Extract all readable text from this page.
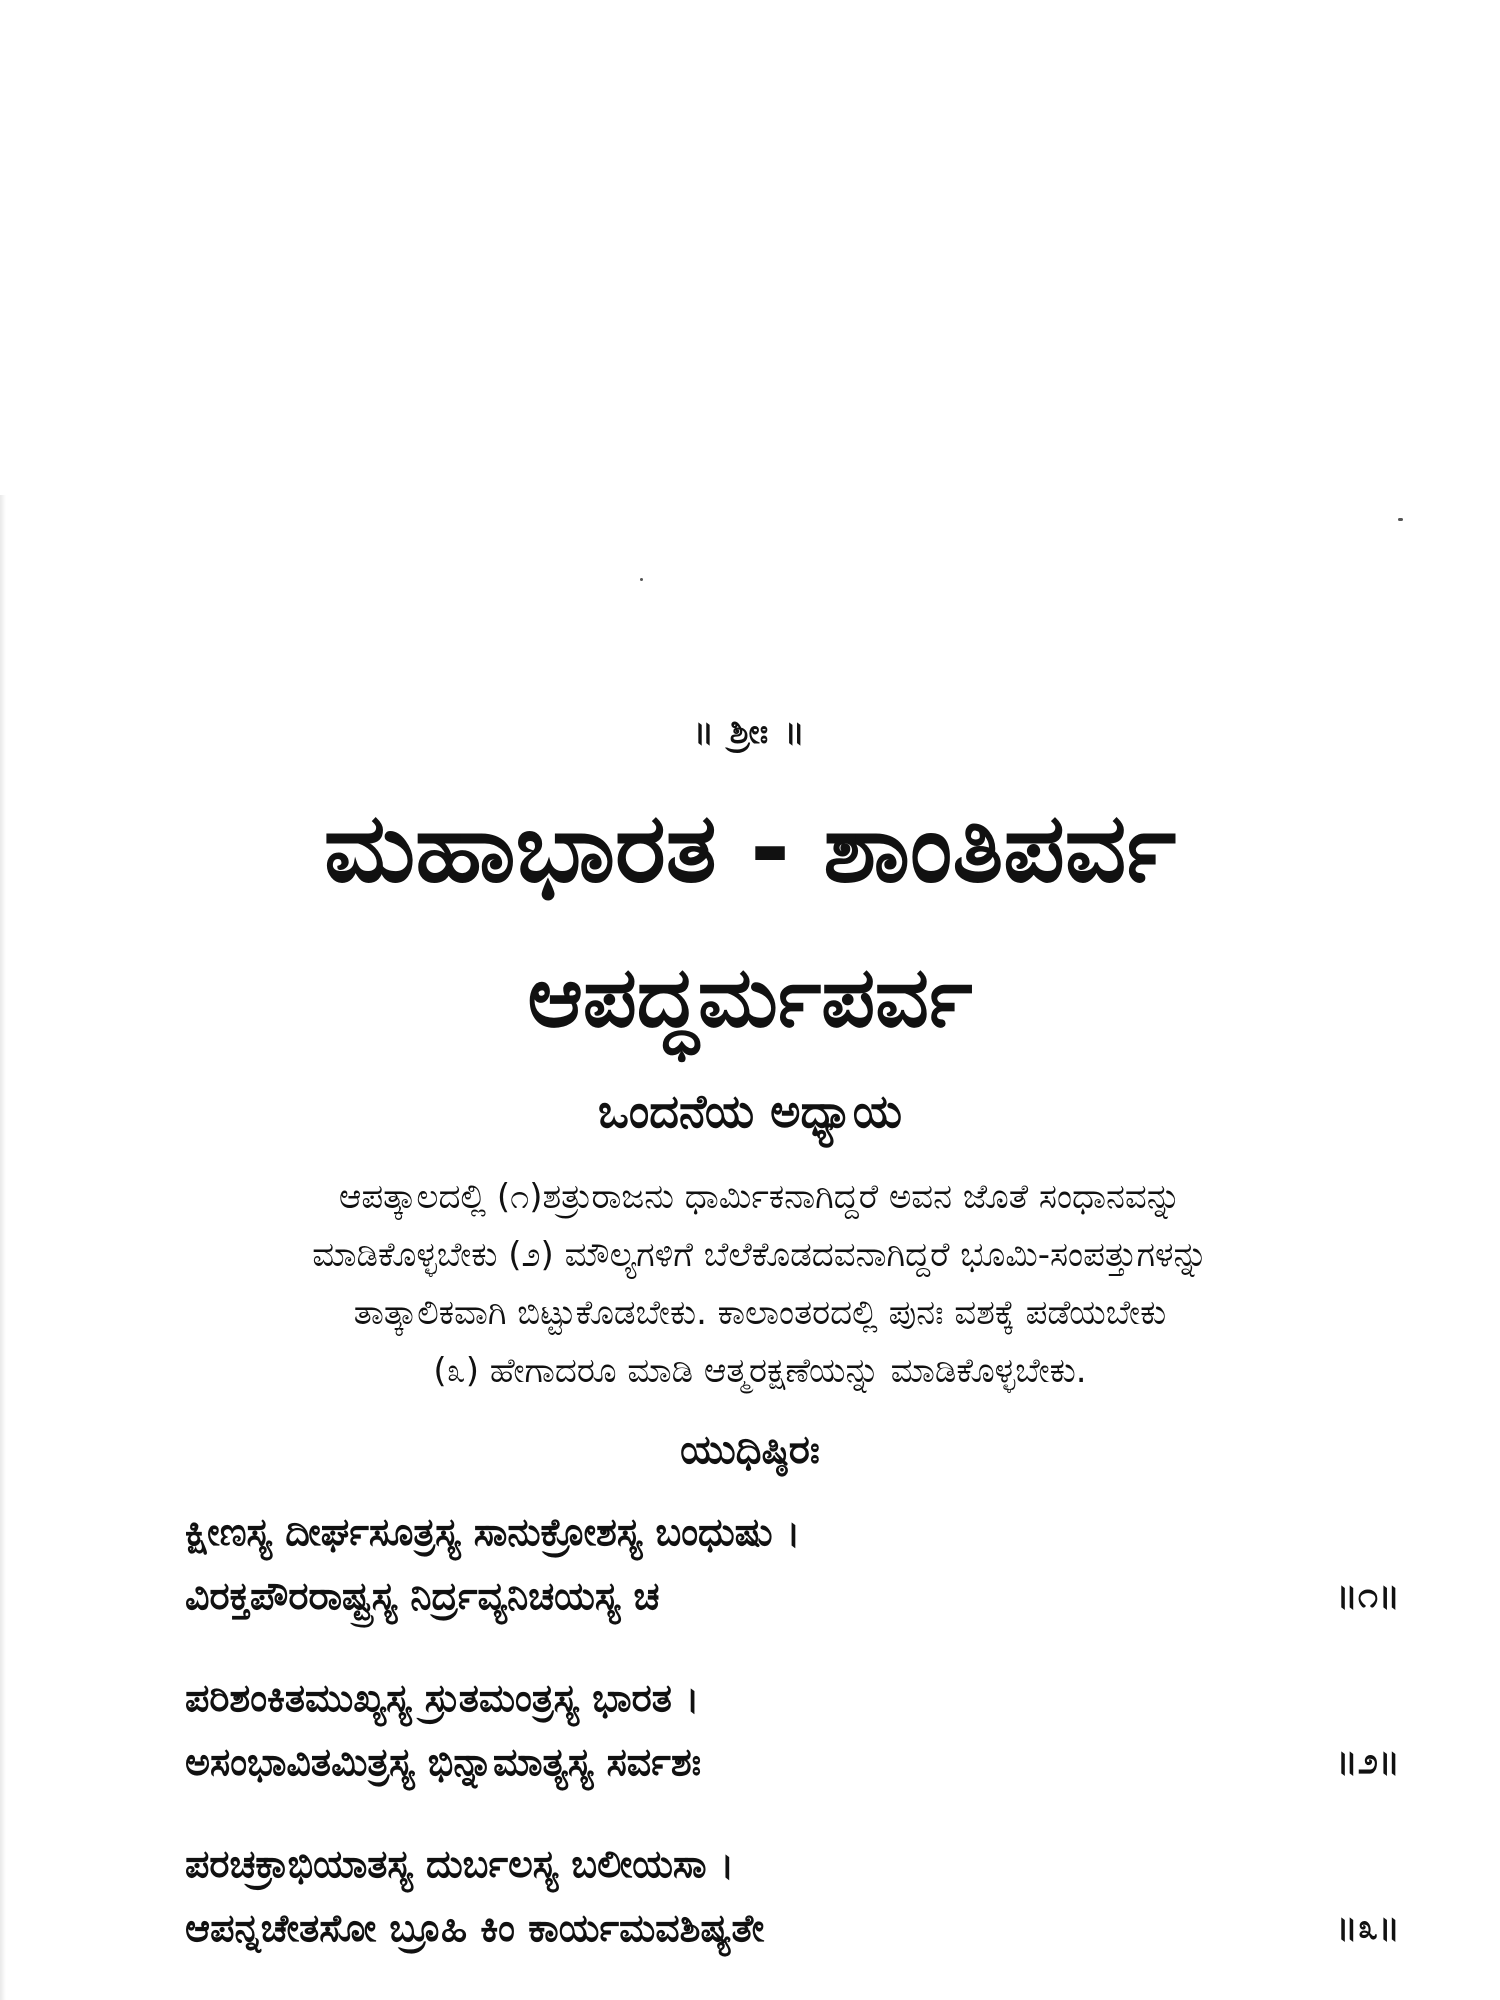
॥ ಶ್ರೀಃ ॥
ಮಹಾಭಾರತ - ಶಾಂತಿಪರ್ವ
ಆಪದ್ಧರ್ಮಪರ್ವ
ಒಂದನೆಯ ಅಧ್ಯಾಯ
ಆಪತ್ಕಾಲದಲ್ಲಿ (೧)ಶತ್ರುರಾಜನು ಧಾರ್ಮಿಕನಾಗಿದ್ದರೆ ಅವನ ಜೊತೆ ಸಂಧಾನವನ್ನು
ಮಾಡಿಕೊಳ್ಳಬೇಕು (೨) ಮೌಲ್ಯಗಳಿಗೆ ಬೆಲೆಕೊಡದವನಾಗಿದ್ದರೆ ಭೂಮಿ-ಸಂಪತ್ತುಗಳನ್ನು
ತಾತ್ಕಾಲಿಕವಾಗಿ ಬಿಟ್ಟುಕೊಡಬೇಕು. ಕಾಲಾಂತರದಲ್ಲಿ ಪುನಃ ವಶಕ್ಕೆ ಪಡೆಯಬೇಕು
(೩) ಹೇಗಾದರೂ ಮಾಡಿ ಆತ್ಮರಕ್ಷಣೆಯನ್ನು ಮಾಡಿಕೊಳ್ಳಬೇಕು.
ಯುಧಿಷ್ಠಿರಃ
ಕ್ಷೀಣಸ್ಯ ದೀರ್ಘಸೂತ್ರಸ್ಯ ಸಾನುಕ್ರೋಶಸ್ಯ ಬಂಧುಷು ।
ವಿರಕ್ತಪೌರರಾಷ್ಟ್ರಸ್ಯ ನಿರ್ದ್ರವ್ಯನಿಚಯಸ್ಯ ಚ	॥೧॥
ಪರಿಶಂಕಿತಮುಖ್ಯಸ್ಯ ಸ್ರುತಮಂತ್ರಸ್ಯ ಭಾರತ ।
ಅಸಂಭಾವಿತಮಿತ್ರಸ್ಯ ಭಿನ್ನಾಮಾತ್ಯಸ್ಯ ಸರ್ವಶಃ	॥೨॥
ಪರಚಕ್ರಾಭಿಯಾತಸ್ಯ ದುರ್ಬಲಸ್ಯ ಬಲೀಯಸಾ ।
ಆಪನ್ನಚೇತಸೋ ಬ್ರೂಹಿ ಕಿಂ ಕಾರ್ಯಮವಶಿಷ್ಯತೇ	॥೩॥
